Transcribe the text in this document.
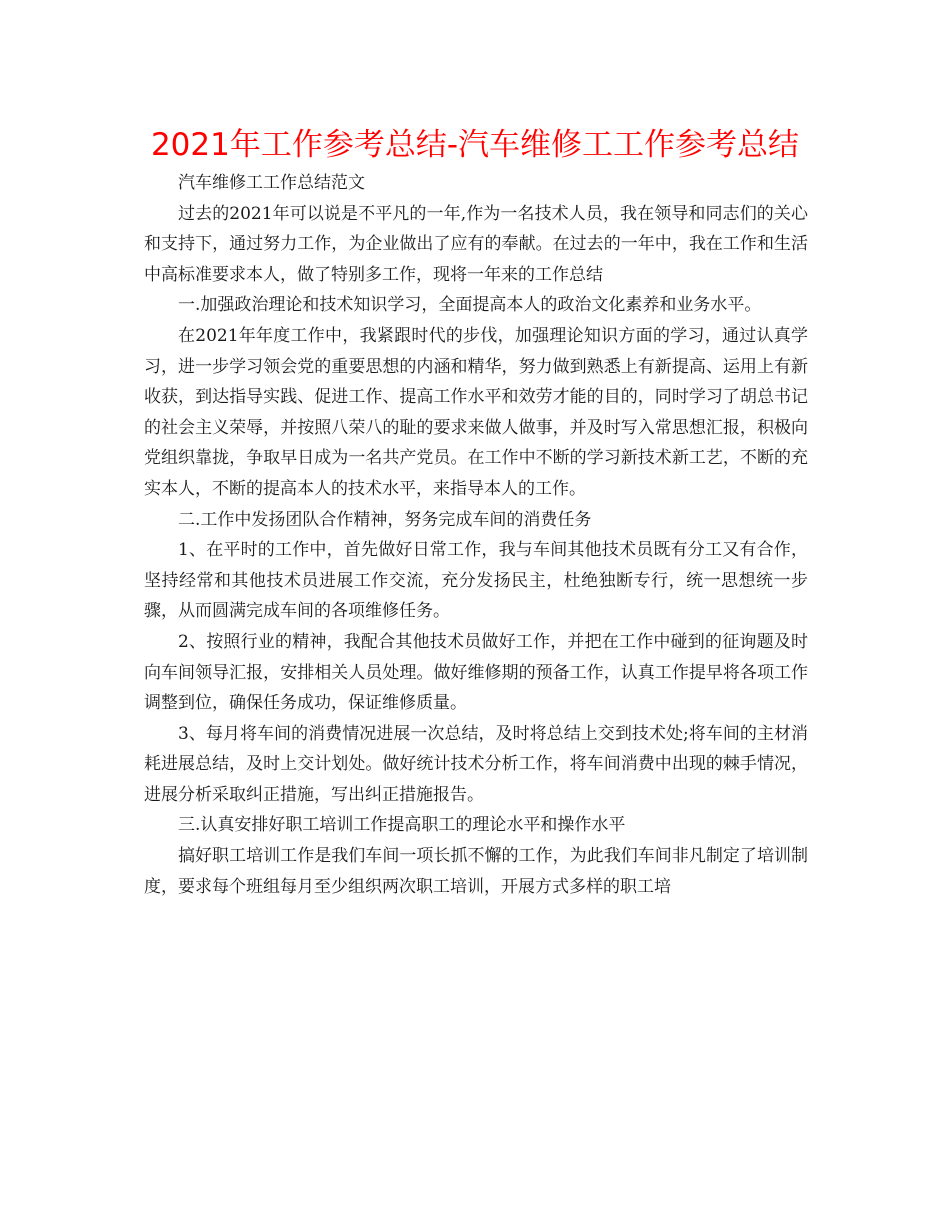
2021年工作参考总结-汽车维修工工作参考总结

汽车维修工工作总结范文

过去的2021年可以说是不平凡的一年,作为一名技术人员，我在领导和同志们的关心和支持下，通过努力工作，为企业做出了应有的奉献。在过去的一年中，我在工作和生活中高标准要求本人，做了特别多工作，现将一年来的工作总结

一.加强政治理论和技术知识学习，全面提高本人的政治文化素养和业务水平。

在2021年年度工作中，我紧跟时代的步伐，加强理论知识方面的学习，通过认真学习，进一步学习领会党的重要思想的内涵和精华，努力做到熟悉上有新提高、运用上有新收获，到达指导实践、促进工作、提高工作水平和效劳才能的目的，同时学习了胡总书记的社会主义荣辱，并按照八荣八的耻的要求来做人做事，并及时写入常思想汇报，积极向党组织靠拢，争取早日成为一名共产党员。在工作中不断的学习新技术新工艺，不断的充实本人，不断的提高本人的技术水平，来指导本人的工作。

二.工作中发扬团队合作精神，努务完成车间的消费任务

1、在平时的工作中，首先做好日常工作，我与车间其他技术员既有分工又有合作，坚持经常和其他技术员进展工作交流，充分发扬民主，杜绝独断专行，统一思想统一步骤，从而圆满完成车间的各项维修任务。

2、按照行业的精神，我配合其他技术员做好工作，并把在工作中碰到的征询题及时向车间领导汇报，安排相关人员处理。做好维修期的预备工作，认真工作提早将各项工作调整到位，确保任务成功，保证维修质量。

3、每月将车间的消费情况进展一次总结，及时将总结上交到技术处;将车间的主材消耗进展总结，及时上交计划处。做好统计技术分析工作，将车间消费中出现的棘手情况，进展分析采取纠正措施，写出纠正措施报告。

三.认真安排好职工培训工作提高职工的理论水平和操作水平

搞好职工培训工作是我们车间一项长抓不懈的工作，为此我们车间非凡制定了培训制度，要求每个班组每月至少组织两次职工培训，开展方式多样的职工培
